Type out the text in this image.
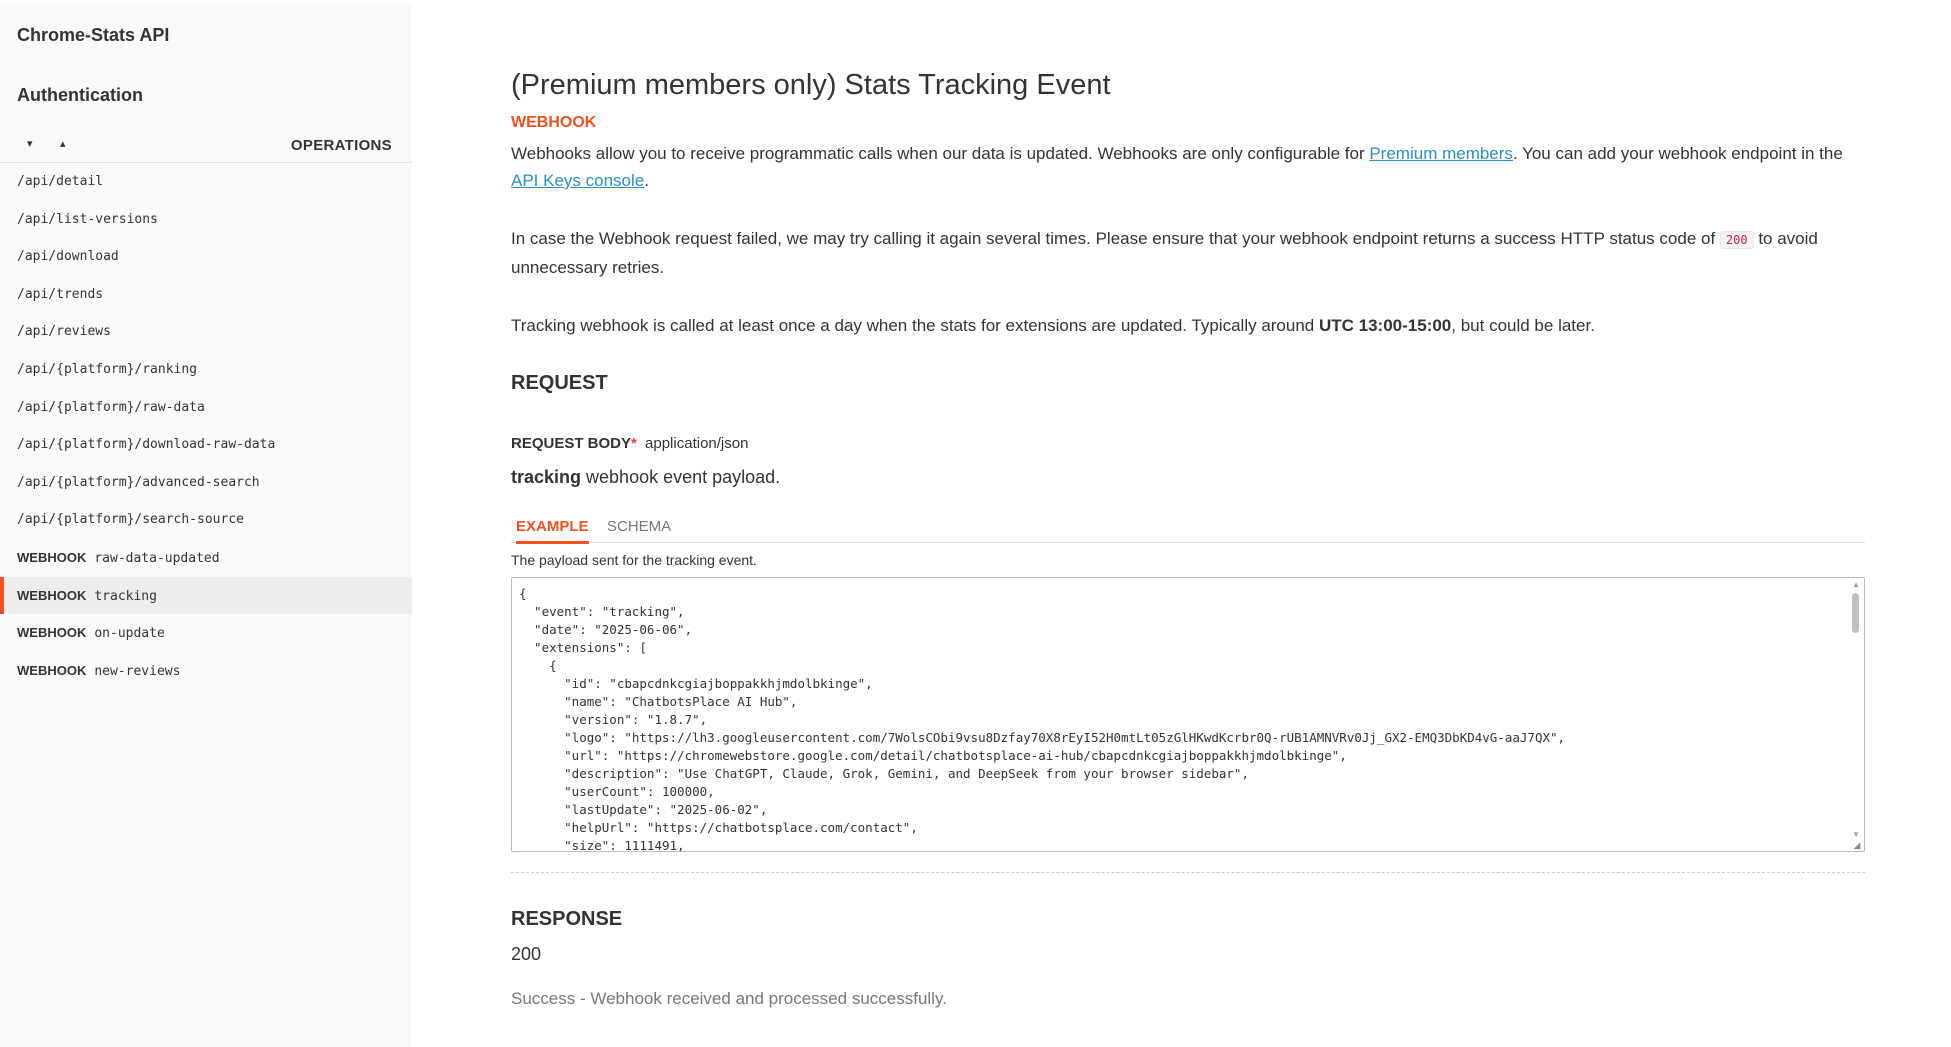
Chrome-Stats API
Authentication
▾ ▴	OPERATIONS
/api/detail
/api/list-versions
/api/download
/api/trends
/api/reviews
/api/{platform}/ranking
/api/{platform}/raw-data
/api/{platform}/download-raw-data
/api/{platform}/advanced-search
/api/{platform}/search-source
WEBHOOK raw-data-updated
WEBHOOK tracking
WEBHOOK on-update
WEBHOOK new-reviews
(Premium members only) Stats Tracking Event
WEBHOOK

Webhooks allow you to receive programmatic calls when our data is updated. Webhooks are only configurable for Premium members. You can add your webhook endpoint in the API Keys console.

In case the Webhook request failed, we may try calling it again several times. Please ensure that your webhook endpoint returns a success HTTP status code of 200 to avoid unnecessary retries.

Tracking webhook is called at least once a day when the stats for extensions are updated. Typically around UTC 13:00-15:00, but could be later.

REQUEST
REQUEST BODY* application/json
tracking webhook event payload.
EXAMPLE SCHEMA
The payload sent for the tracking event.
{
"event": "tracking",
"date": "2025-06-06",
"extensions": [
{
"id": "cbapcdnkcgiajboppakkhjmdolbkinge",
"name": "ChatbotsPlace AI Hub",
"version": "1.8.7",
"logo": "https://lh3.googleusercontent.com/7WolsCObi9vsu8Dzfay70X8rEyI52H0mtLt05zGlHKwdKcrbr0Q-rUB1AMNVRv0Jj_GX2-EMQ3DbKD4vG-aaJ7QX",
"url": "https://chromewebstore.google.com/detail/chatbotsplace-ai-hub/cbapcdnkcgiajboppakkhjmdolbkinge",
"description": "Use ChatGPT, Claude, Grok, Gemini, and DeepSeek from your browser sidebar",
"userCount": 100000,
"lastUpdate": "2025-06-02",
"helpUrl": "https://chatbotsplace.com/contact",
"size": 1111491,
▲
▼
◢
RESPONSE
200
Success - Webhook received and processed successfully.
